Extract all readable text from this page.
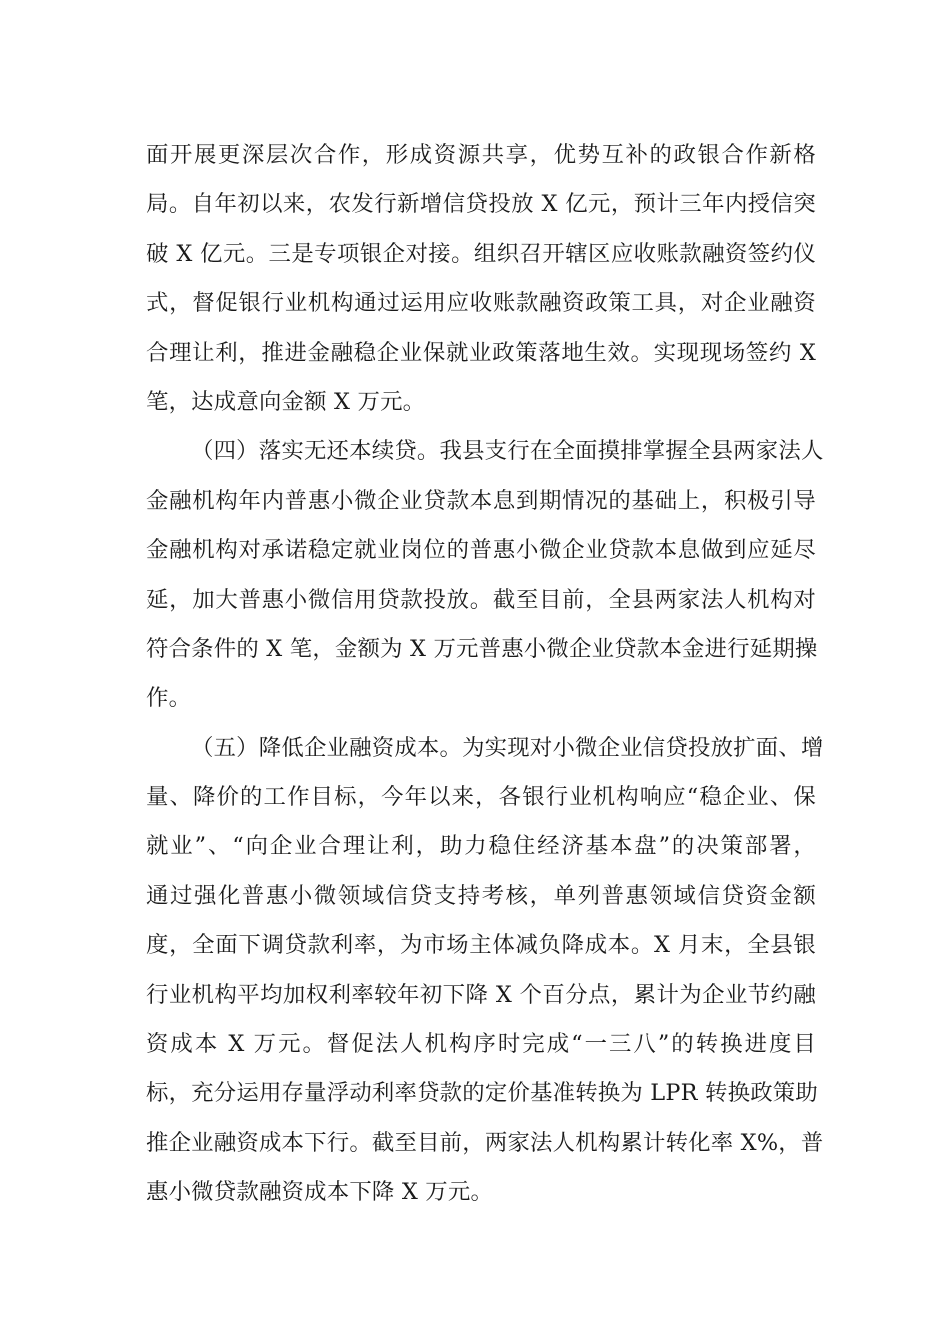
面开展更深层次合作，形成资源共享，优势互补的政银合作新格
局。自年初以来，农发行新增信贷投放 X 亿元，预计三年内授信突
破 X 亿元。三是专项银企对接。组织召开辖区应收账款融资签约仪
式，督促银行业机构通过运用应收账款融资政策工具，对企业融资
合理让利，推进金融稳企业保就业政策落地生效。实现现场签约 X
笔，达成意向金额 X 万元。
（四）落实无还本续贷。我县支行在全面摸排掌握全县两家法人
金融机构年内普惠小微企业贷款本息到期情况的基础上，积极引导
金融机构对承诺稳定就业岗位的普惠小微企业贷款本息做到应延尽
延，加大普惠小微信用贷款投放。截至目前，全县两家法人机构对
符合条件的 X 笔，金额为 X 万元普惠小微企业贷款本金进行延期操
作。
（五）降低企业融资成本。为实现对小微企业信贷投放扩面、增
量、降价的工作目标，今年以来，各银行业机构响应“稳企业、保
就业”、“向企业合理让利，助力稳住经济基本盘”的决策部署，
通过强化普惠小微领域信贷支持考核，单列普惠领域信贷资金额
度，全面下调贷款利率，为市场主体减负降成本。X 月末，全县银
行业机构平均加权利率较年初下降 X 个百分点，累计为企业节约融
资成本 X 万元。督促法人机构序时完成“一三八”的转换进度目
标，充分运用存量浮动利率贷款的定价基准转换为 LPR 转换政策助
推企业融资成本下行。截至目前，两家法人机构累计转化率 X%，普
惠小微贷款融资成本下降 X 万元。
